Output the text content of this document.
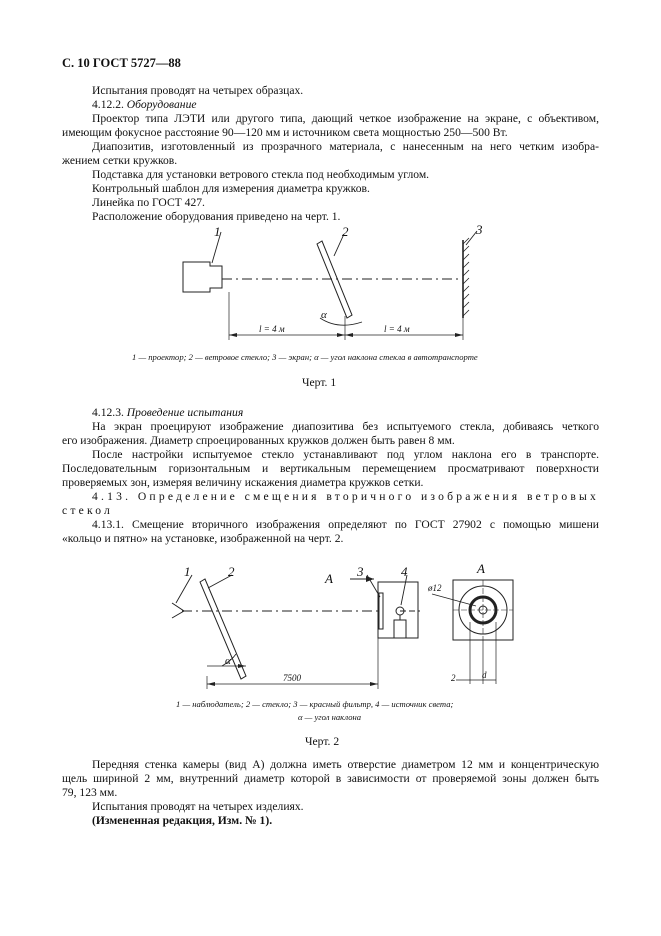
С. 10 ГОСТ 5727—88
Испытания проводят на четырех образцах.
4.12.2. Оборудование
Проектор типа ЛЭТИ или другого типа, дающий четкое изображение на экране, с объективом,
имеющим фокусное расстояние 90—120 мм и источником света мощностью 250—500 Вт.
Диапозитив, изготовленный из прозрачного материала, с нанесенным на него четким изобра-
жением сетки кружков.
Подставка для установки ветрового стекла под необходимым углом.
Контрольный шаблон для измерения диаметра кружков.
Линейка по ГОСТ 427.
Расположение оборудования приведено на черт. 1.
1	2	3
α
l = 4 м	l = 4 м
1	2	3	4
А
α
7500
А
ø12
2	d
1 — проектор; 2 — ветровое стекло; 3 — экран; α — угол наклона стекла в автотранспорте
Черт. 1
4.12.3. Проведение испытания
На экран проецируют изображение диапозитива без испытуемого стекла, добиваясь четкого
его изображения. Диаметр спроецированных кружков должен быть равен 8 мм.
После настройки испытуемое стекло устанавливают под углом наклона его в транспорте.
Последовательным горизонтальным и вертикальным перемещением просматривают поверхности
проверяемых зон, измеряя величину искажения диаметра кружков сетки.
4.13. Определение смещения вторичного изображения ветровых
стекол
4.13.1. Смещение вторичного изображения определяют по ГОСТ 27902 с помощью мишени
«кольцо и пятно» на установке, изображенной на черт. 2.
1 — наблюдатель; 2 — стекло; 3 — красный фильтр, 4 — источник света;
α — угол наклона
Черт. 2
Передняя стенка камеры (вид А) должна иметь отверстие диаметром 12 мм и концентрическую
щель шириной 2 мм, внутренний диаметр которой в зависимости от проверяемой зоны должен быть
79, 123 мм.
Испытания проводят на четырех изделиях.
(Измененная редакция, Изм. № 1).
